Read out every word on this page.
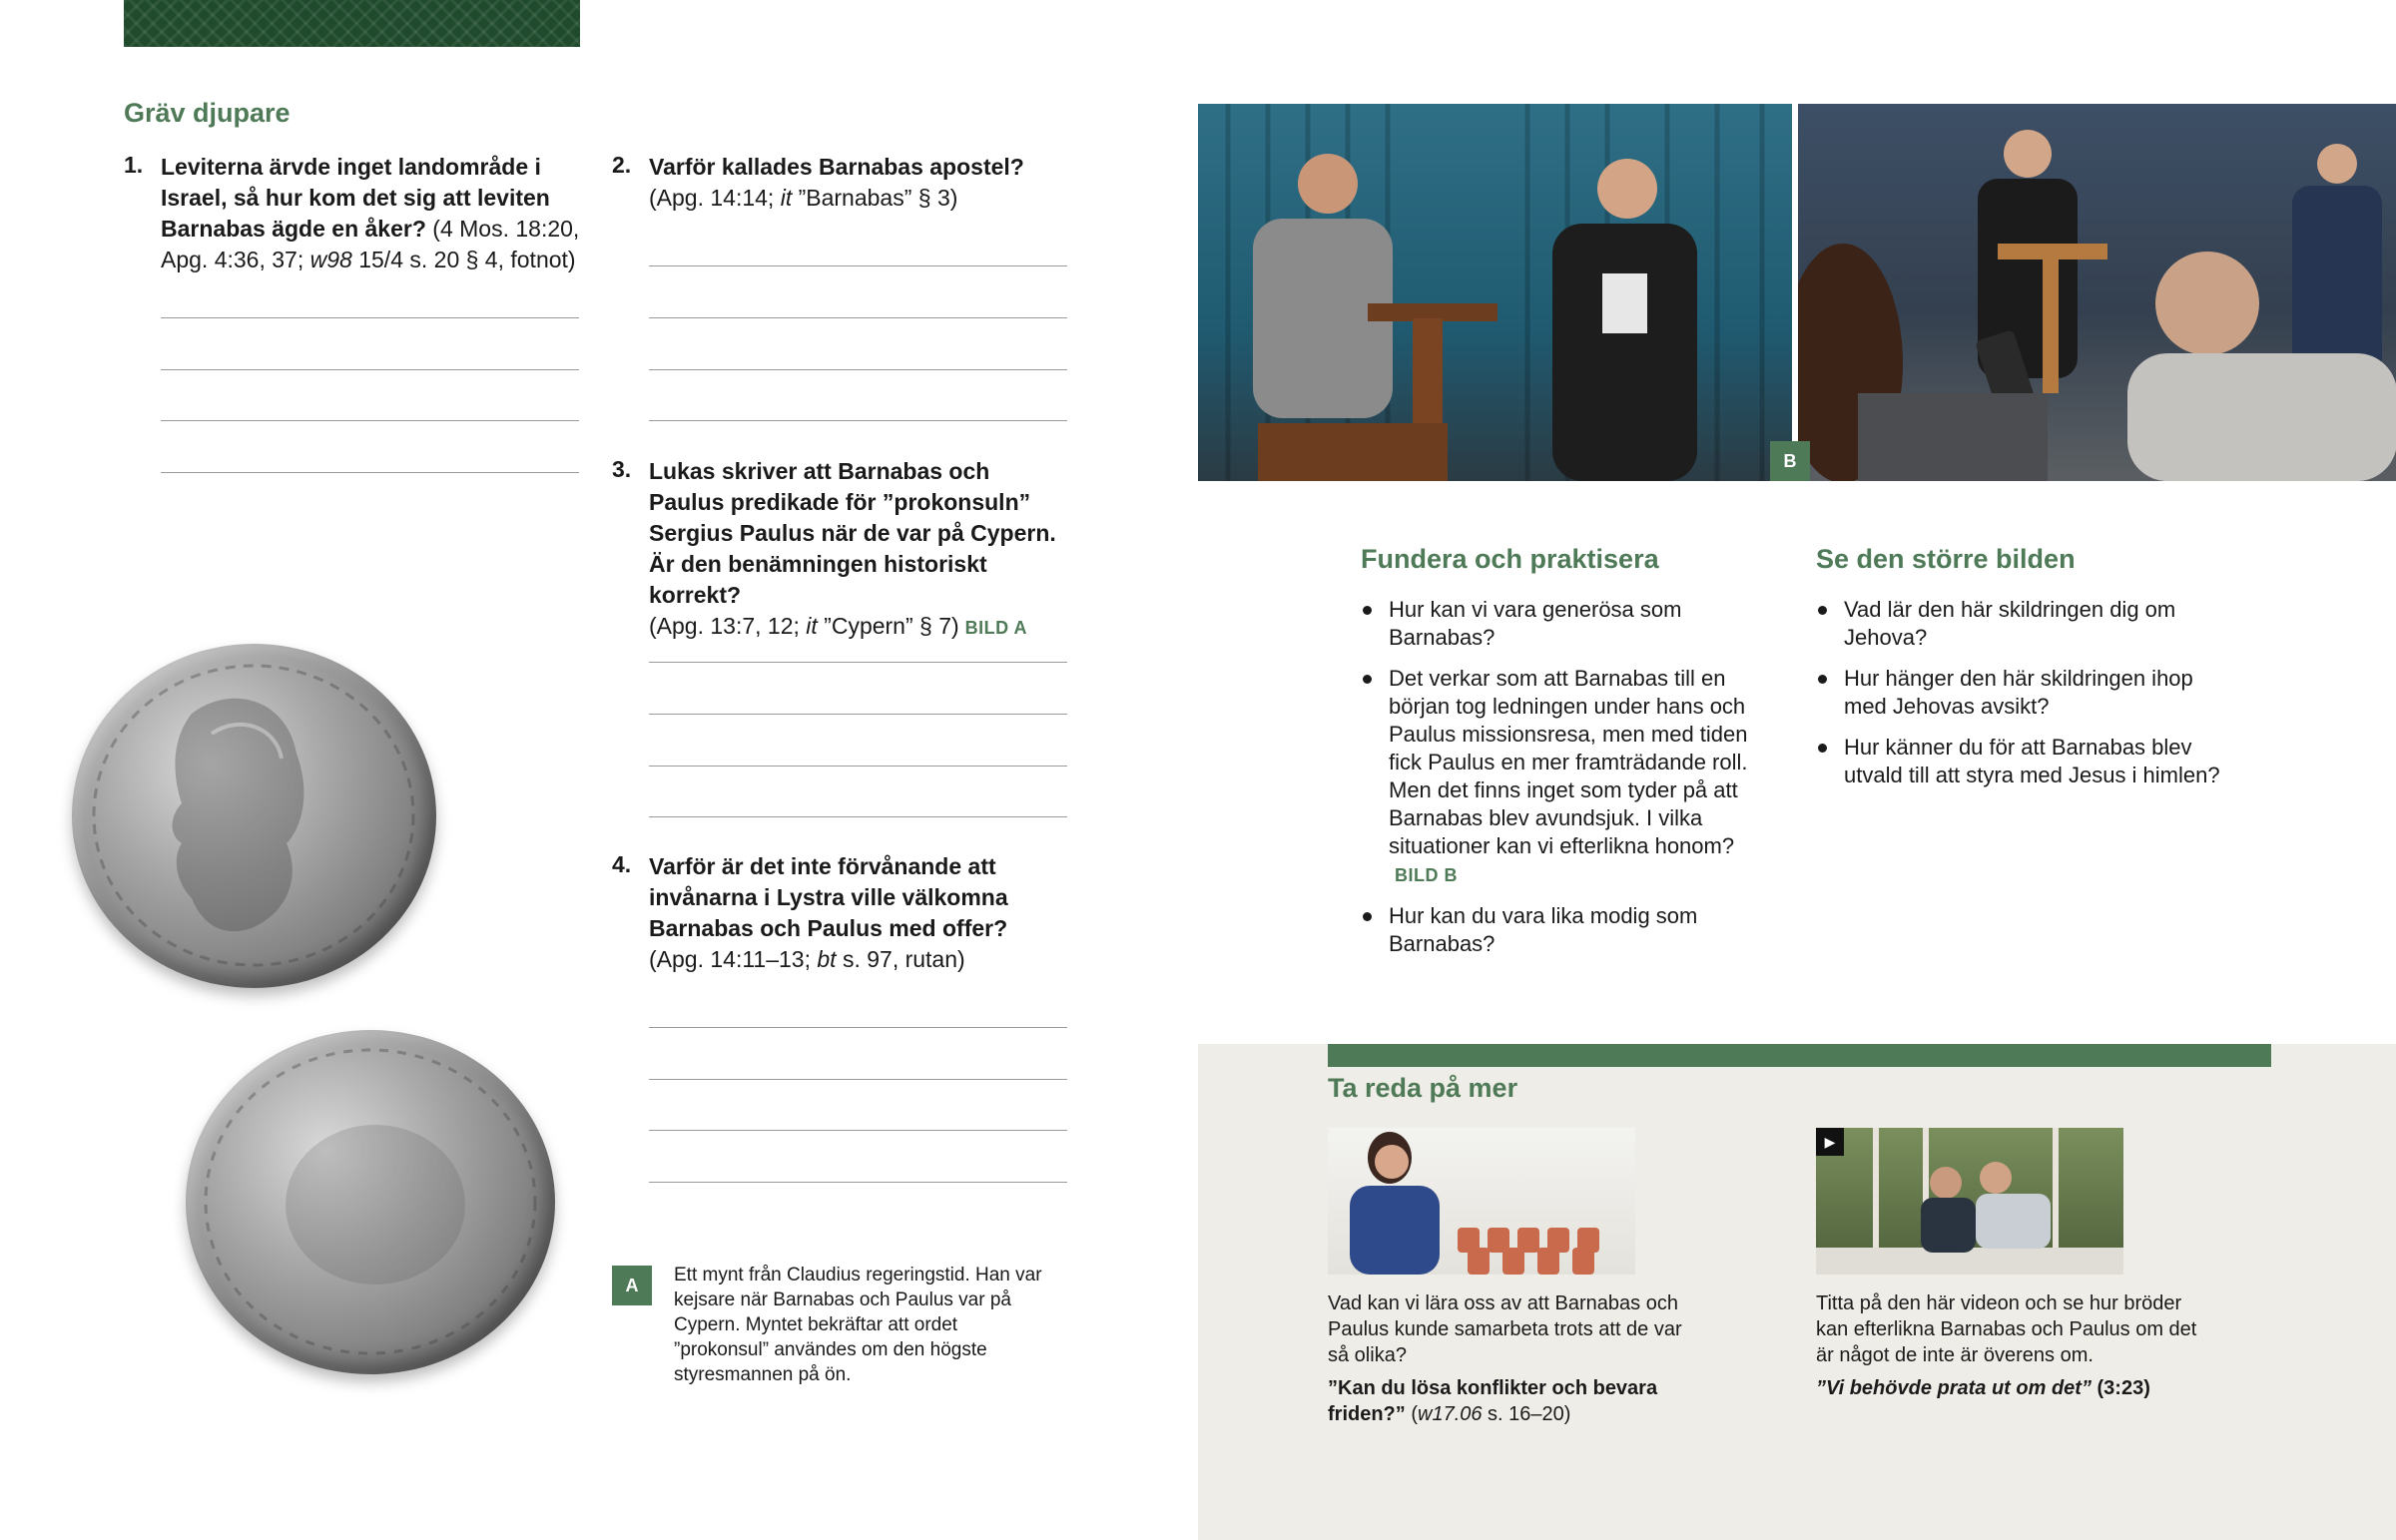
Gräv djupare
1. Leviterna ärvde inget landområde i Israel, så hur kom det sig att leviten Barnabas ägde en åker? (4 Mos. 18:20, Apg. 4:36, 37; w98 15/4 s. 20 § 4, fotnot)
2. Varför kallades Barnabas apostel?
(Apg. 14:14; it ”Barnabas” § 3)
3. Lukas skriver att Barnabas och Paulus predikade för ”prokonsuln” Sergius Paulus när de var på Cypern. Är den benämningen historiskt korrekt?
(Apg. 13:7, 12; it ”Cypern” § 7) BILD A
4. Varför är det inte förvånande att invånarna i Lystra ville välkomna Barnabas och Paulus med offer?
(Apg. 14:11–13; bt s. 97, rutan)
A	Ett mynt från Claudius regeringstid. Han var kejsare när Barnabas och Paulus var på Cypern. Myntet bekräftar att ordet ”prokonsul” användes om den högste styresmannen på ön.
B
Fundera och praktisera
Hur kan vi vara generösa som Barnabas?
Det verkar som att Barnabas till en början tog ledningen under hans och Paulus missionsresa, men med tiden fick Paulus en mer framträdande roll. Men det finns inget som tyder på att Barnabas blev avundsjuk. I vilka situationer kan vi efterlikna honom?BILD B
Hur kan du vara lika modig som Barnabas?
Se den större bilden
Vad lär den här skildringen dig om Jehova?
Hur hänger den här skildringen ihop med Jehovas avsikt?
Hur känner du för att Barnabas blev utvald till att styra med Jesus i himlen?
Ta reda på mer
Vad kan vi lära oss av att Barnabas och Paulus kunde samarbeta trots att de var så olika?
”Kan du lösa konflikter och bevara friden?” (w17.06 s. 16–20)
▶
Titta på den här videon och se hur bröder kan efterlikna Barnabas och Paulus om det är något de inte är överens om.
”Vi behövde prata ut om det” (3:23)
